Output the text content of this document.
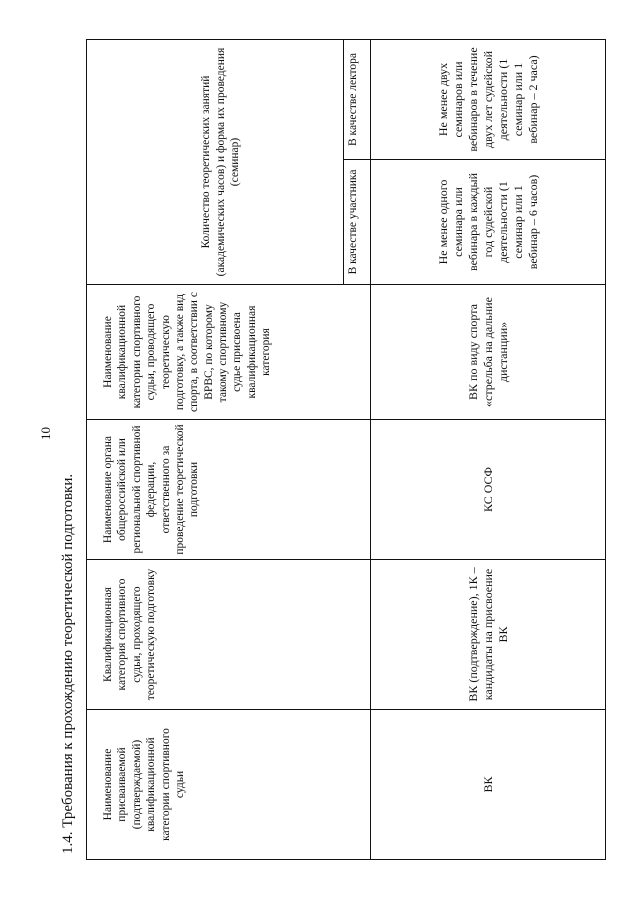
10
1.4. Требования к прохождению теоретической подготовки. Наименование присваиваемой (подтверждаемой) квалификационной категории спортивного судьи	Квалификационная категория спортивного судьи, проходящего теоретическую подготовку	Наименование органа общероссийской или региональной спортивной федерации, ответственного за проведение теоретической подготовки	Наименование квалификационной категории спортивного судьи, проводящего теоретическую подготовку, а также вид спорта, в соответствии с ВРВС, по которому такому спортивному судье присвоена квалификационная категория	Количество теоретических занятий (академических часов) и форма их проведения (семинар)	
				В качестве участника	В качестве лектора
ВК	ВК (подтверждение), 1К – кандидаты на присвоение ВК	КС ОСФ	ВК по виду спорта «стрельба на дальние дистанции»	Не менее одного семинара или вебинара в каждый год судейской деятельности (1 семинар или 1 вебинар – 6 часов)	Не менее двух семинаров или вебинаров в течение двух лет судейской деятельности (1 семинар или 1 вебинар – 2 часа)
